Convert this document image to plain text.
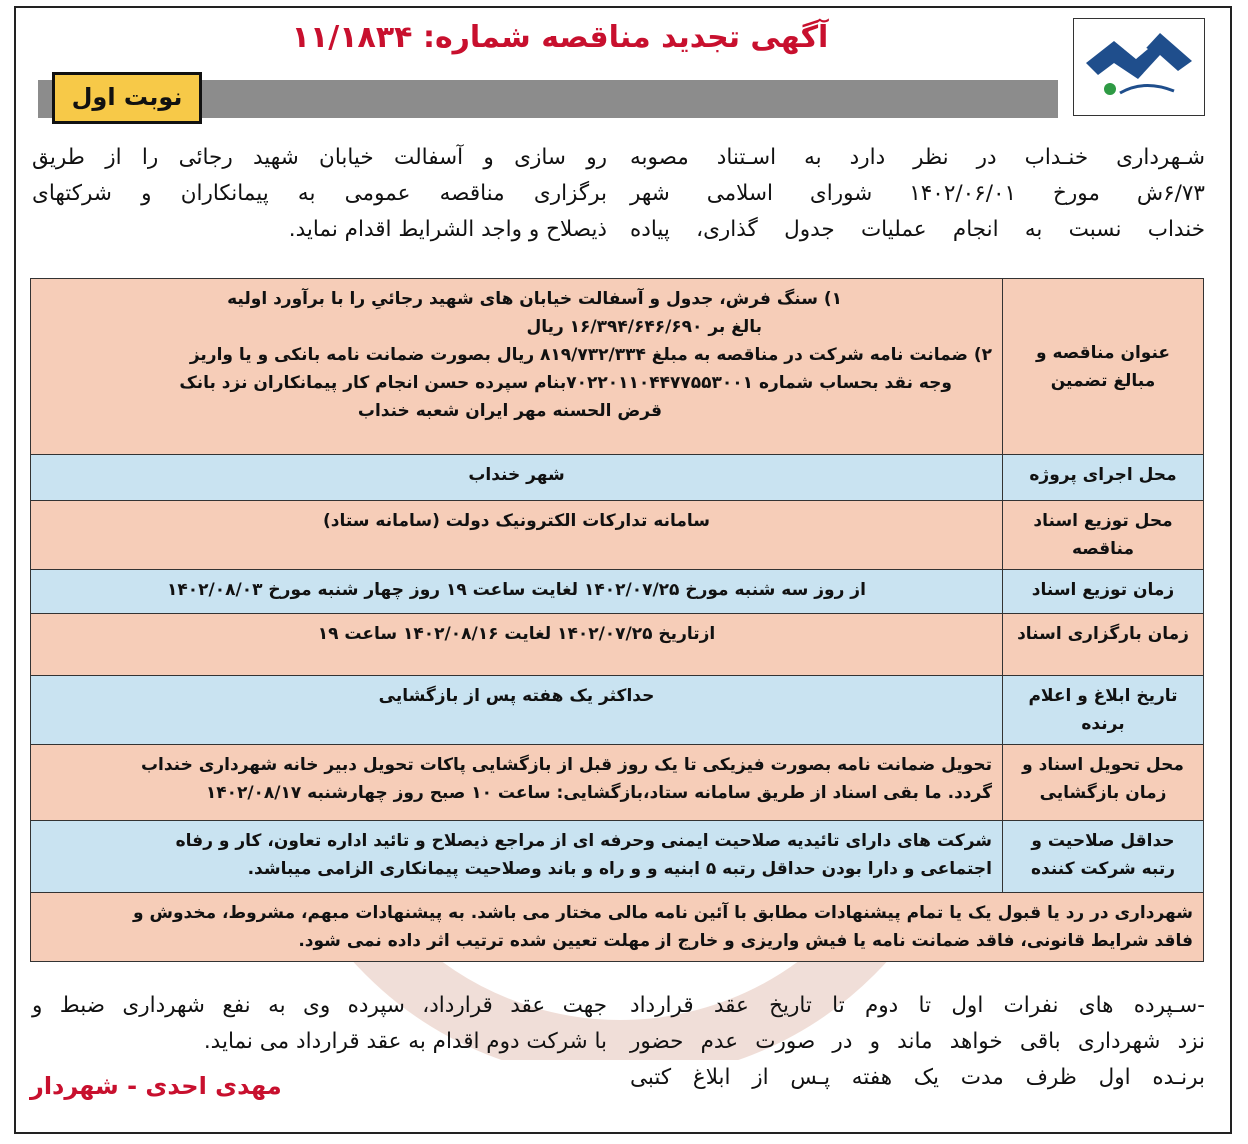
آگهی تجدید مناقصه شماره: ۱۱/۱۸۳۴
نوبت اول
شـهرداری خنـداب در نظر دارد به اسـتناد مصوبه
۶/۷۳ش مورخ ۱۴۰۲/۰۶/۰۱ شورای اسلامی شهر
خنداب نسبت به انجام عملیات جدول گذاری، پیاده
رو سازی و آسفالت خیابان شهید رجائی را از طریق
برگزاری مناقصه عمومی به پیمانکاران و شرکتهای
ذیصلاح و واجد الشرایط اقدام نماید.
عنوان مناقصه و مبالغ تضمین	۱) سنگ فرش، جدول و آسفالت خیابان های شهید رجائیِ را با برآورد اولیه
بالغ بر ۱۶/۳۹۴/۶۴۶/۶۹۰ ریال
۲) ضمانت نامه شرکت در مناقصه به مبلغ ۸۱۹/۷۳۲/۳۳۴ ریال بصورت ضمانت نامه بانکی و یا واریز
وجه نقد بحساب شماره ۷۰۲۲۰۱۱۰۴۴۷۷۵۵۳۰۰۱بنام سپرده حسن انجام کار پیمانکاران نزد بانک
قرض الحسنه مهر ایران شعبه خنداب

محل اجرای پروژه	شهر خنداب

محل توزیع اسناد مناقصه	سامانه تدارکات الکترونیک دولت (سامانه ستاد)

زمان توزیع اسناد	از روز سه شنبه مورخ ۱۴۰۲/۰۷/۲۵ لغایت ساعت ۱۹ روز چهار شنبه مورخ ۱۴۰۲/۰۸/۰۳

زمان بارگزاری اسناد	ازتاریخ ۱۴۰۲/۰۷/۲۵ لغایت ۱۴۰۲/۰۸/۱۶ ساعت ۱۹

تاریخ ابلاغ و اعلام برنده	حداکثر یک هفته پس از بازگشایی

محل تحویل اسناد و زمان بازگشایی	تحویل ضمانت نامه بصورت فیزیکی تا یک روز قبل از بازگشایی پاکات تحویل دبیر خانه شهرداری خنداب
گردد. ما بقی اسناد از طریق سامانه ستاد،بازگشایی: ساعت ۱۰ صبح روز چهارشنبه ۱۴۰۲/۰۸/۱۷

حداقل صلاحیت و رتبه شرکت کننده	شرکت های دارای تائیدیه صلاحیت ایمنی وحرفه ای از مراجع ذیصلاح و تائید اداره تعاون، کار و رفاه
اجتماعی و دارا بودن حداقل رتبه ۵ ابنیه و و راه و باند وصلاحیت پیمانکاری الزامی میباشد.

شهرداری در رد یا قبول یک یا تمام پیشنهادات مطابق با آئین نامه مالی مختار می باشد. به پیشنهادات مبهم، مشروط، مخدوش و
فاقد شرایط قانونی، فاقد ضمانت نامه یا فیش واریزی و خارج از مهلت تعیین شده ترتیب اثر داده نمی شود.	
-سـپرده های نفرات اول تا دوم تا تاریخ عقد قرارداد
نزد شهرداری باقی خواهد ماند و در صورت عدم حضور
برنـده اول ظرف مدت یک هفته پـس از ابلاغ کتبی
جهت عقد قرارداد، سپرده وی به نفع شهرداری ضبط و
با شرکت دوم اقدام به عقد قرارداد می نماید.
مهدی احدی - شهردار
